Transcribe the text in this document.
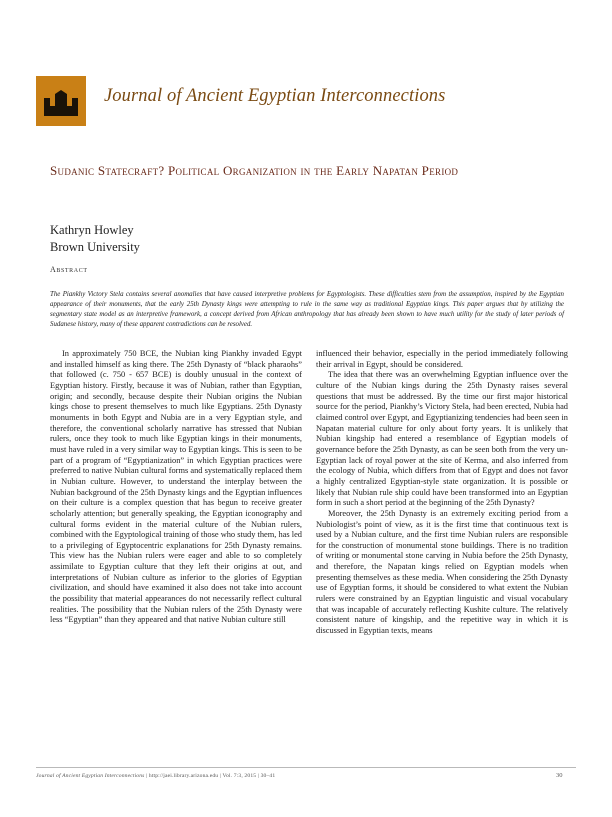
Journal of Ancient Egyptian Interconnections
Sudanic Statecraft? Political Organization in the Early Napatan Period
Kathryn Howley
Brown University
Abstract
The Piankhy Victory Stela contains several anomalies that have caused interpretive problems for Egyptologists. These difficulties stem from the assumption, inspired by the Egyptian appearance of their monuments, that the early 25th Dynasty kings were attempting to rule in the same way as traditional Egyptian kings. This paper argues that by utilizing the segmentary state model as an interpretive framework, a concept derived from African anthropology that has already been shown to have much utility for the study of later periods of Sudanese history, many of these apparent contradictions can be resolved.

In approximately 750 BCE, the Nubian king Piankhy invaded Egypt and installed himself as king there. The 25th Dynasty of “black pharaohs” that followed (c. 750 - 657 BCE) is doubly unusual in the context of Egyptian history. Firstly, because it was of Nubian, rather than Egyptian, origin; and secondly, because despite their Nubian origins the Nubian kings chose to present themselves to much like Egyptians. 25th Dynasty monuments in both Egypt and Nubia are in a very Egyptian style, and therefore, the conventional scholarly narrative has stressed that Nubian rulers, once they took to much like Egyptian kings in their monuments, must have ruled in a very similar way to Egyptian kings. This is seen to be part of a program of “Egyptianization” in which Egyptian practices were preferred to native Nubian cultural forms and systematically replaced them in Nubian culture. However, to understand the interplay between the Nubian background of the 25th Dynasty kings and the Egyptian influences on their culture is a complex question that has begun to receive greater scholarly attention; but generally speaking, the Egyptian iconography and cultural forms evident in the material culture of the Nubian rulers, combined with the Egyptological training of those who study them, has led to a privileging of Egyptocentric explanations for 25th Dynasty remains. This view has the Nubian rulers were eager and able to so completely assimilate to Egyptian culture that they left their origins at out, and interpretations of Nubian culture as inferior to the glories of Egyptian civilization, and should have examined it also does not take into account the possibility that material appearances do not necessarily reflect cultural realities. The possibility that the Nubian rulers of the 25th Dynasty were less “Egyptian” than they appeared and that native Nubian culture still

influenced their behavior, especially in the period immediately following their arrival in Egypt, should be considered.

The idea that there was an overwhelming Egyptian influence over the culture of the Nubian kings during the 25th Dynasty raises several questions that must be addressed. By the time our first major historical source for the period, Piankhy’s Victory Stela, had been erected, Nubia had claimed control over Egypt, and Egyptianizing tendencies had been seen in Napatan material culture for only about forty years. It is unlikely that Nubian kingship had entered a resemblance of Egyptian models of governance before the 25th Dynasty, as can be seen both from the very un-Egyptian lack of royal power at the site of Kerma, and also inferred from the ecology of Nubia, which differs from that of Egypt and does not favor a highly centralized Egyptian-style state organization. It is possible or likely that Nubian rule ship could have been transformed into an Egyptian form in such a short period at the beginning of the 25th Dynasty?

Moreover, the 25th Dynasty is an extremely exciting period from a Nubiologist’s point of view, as it is the first time that continuous text is used by a Nubian culture, and the first time Nubian rulers are responsible for the construction of monumental stone buildings. There is no tradition of writing or monumental stone carving in Nubia before the 25th Dynasty, and therefore, the Napatan kings relied on Egyptian models when presenting themselves as these media. When considering the 25th Dynasty use of Egyptian forms, it should be considered to what extent the Nubian rulers were constrained by an Egyptian linguistic and visual vocabulary that was incapable of accurately reflecting Kushite culture. The relatively consistent nature of kingship, and the repetitive way in which it is discussed in Egyptian texts, means

Journal of Ancient Egyptian Interconnections | http://jaei.library.arizona.edu | Vol. 7:3, 2015 | 30–41	30
